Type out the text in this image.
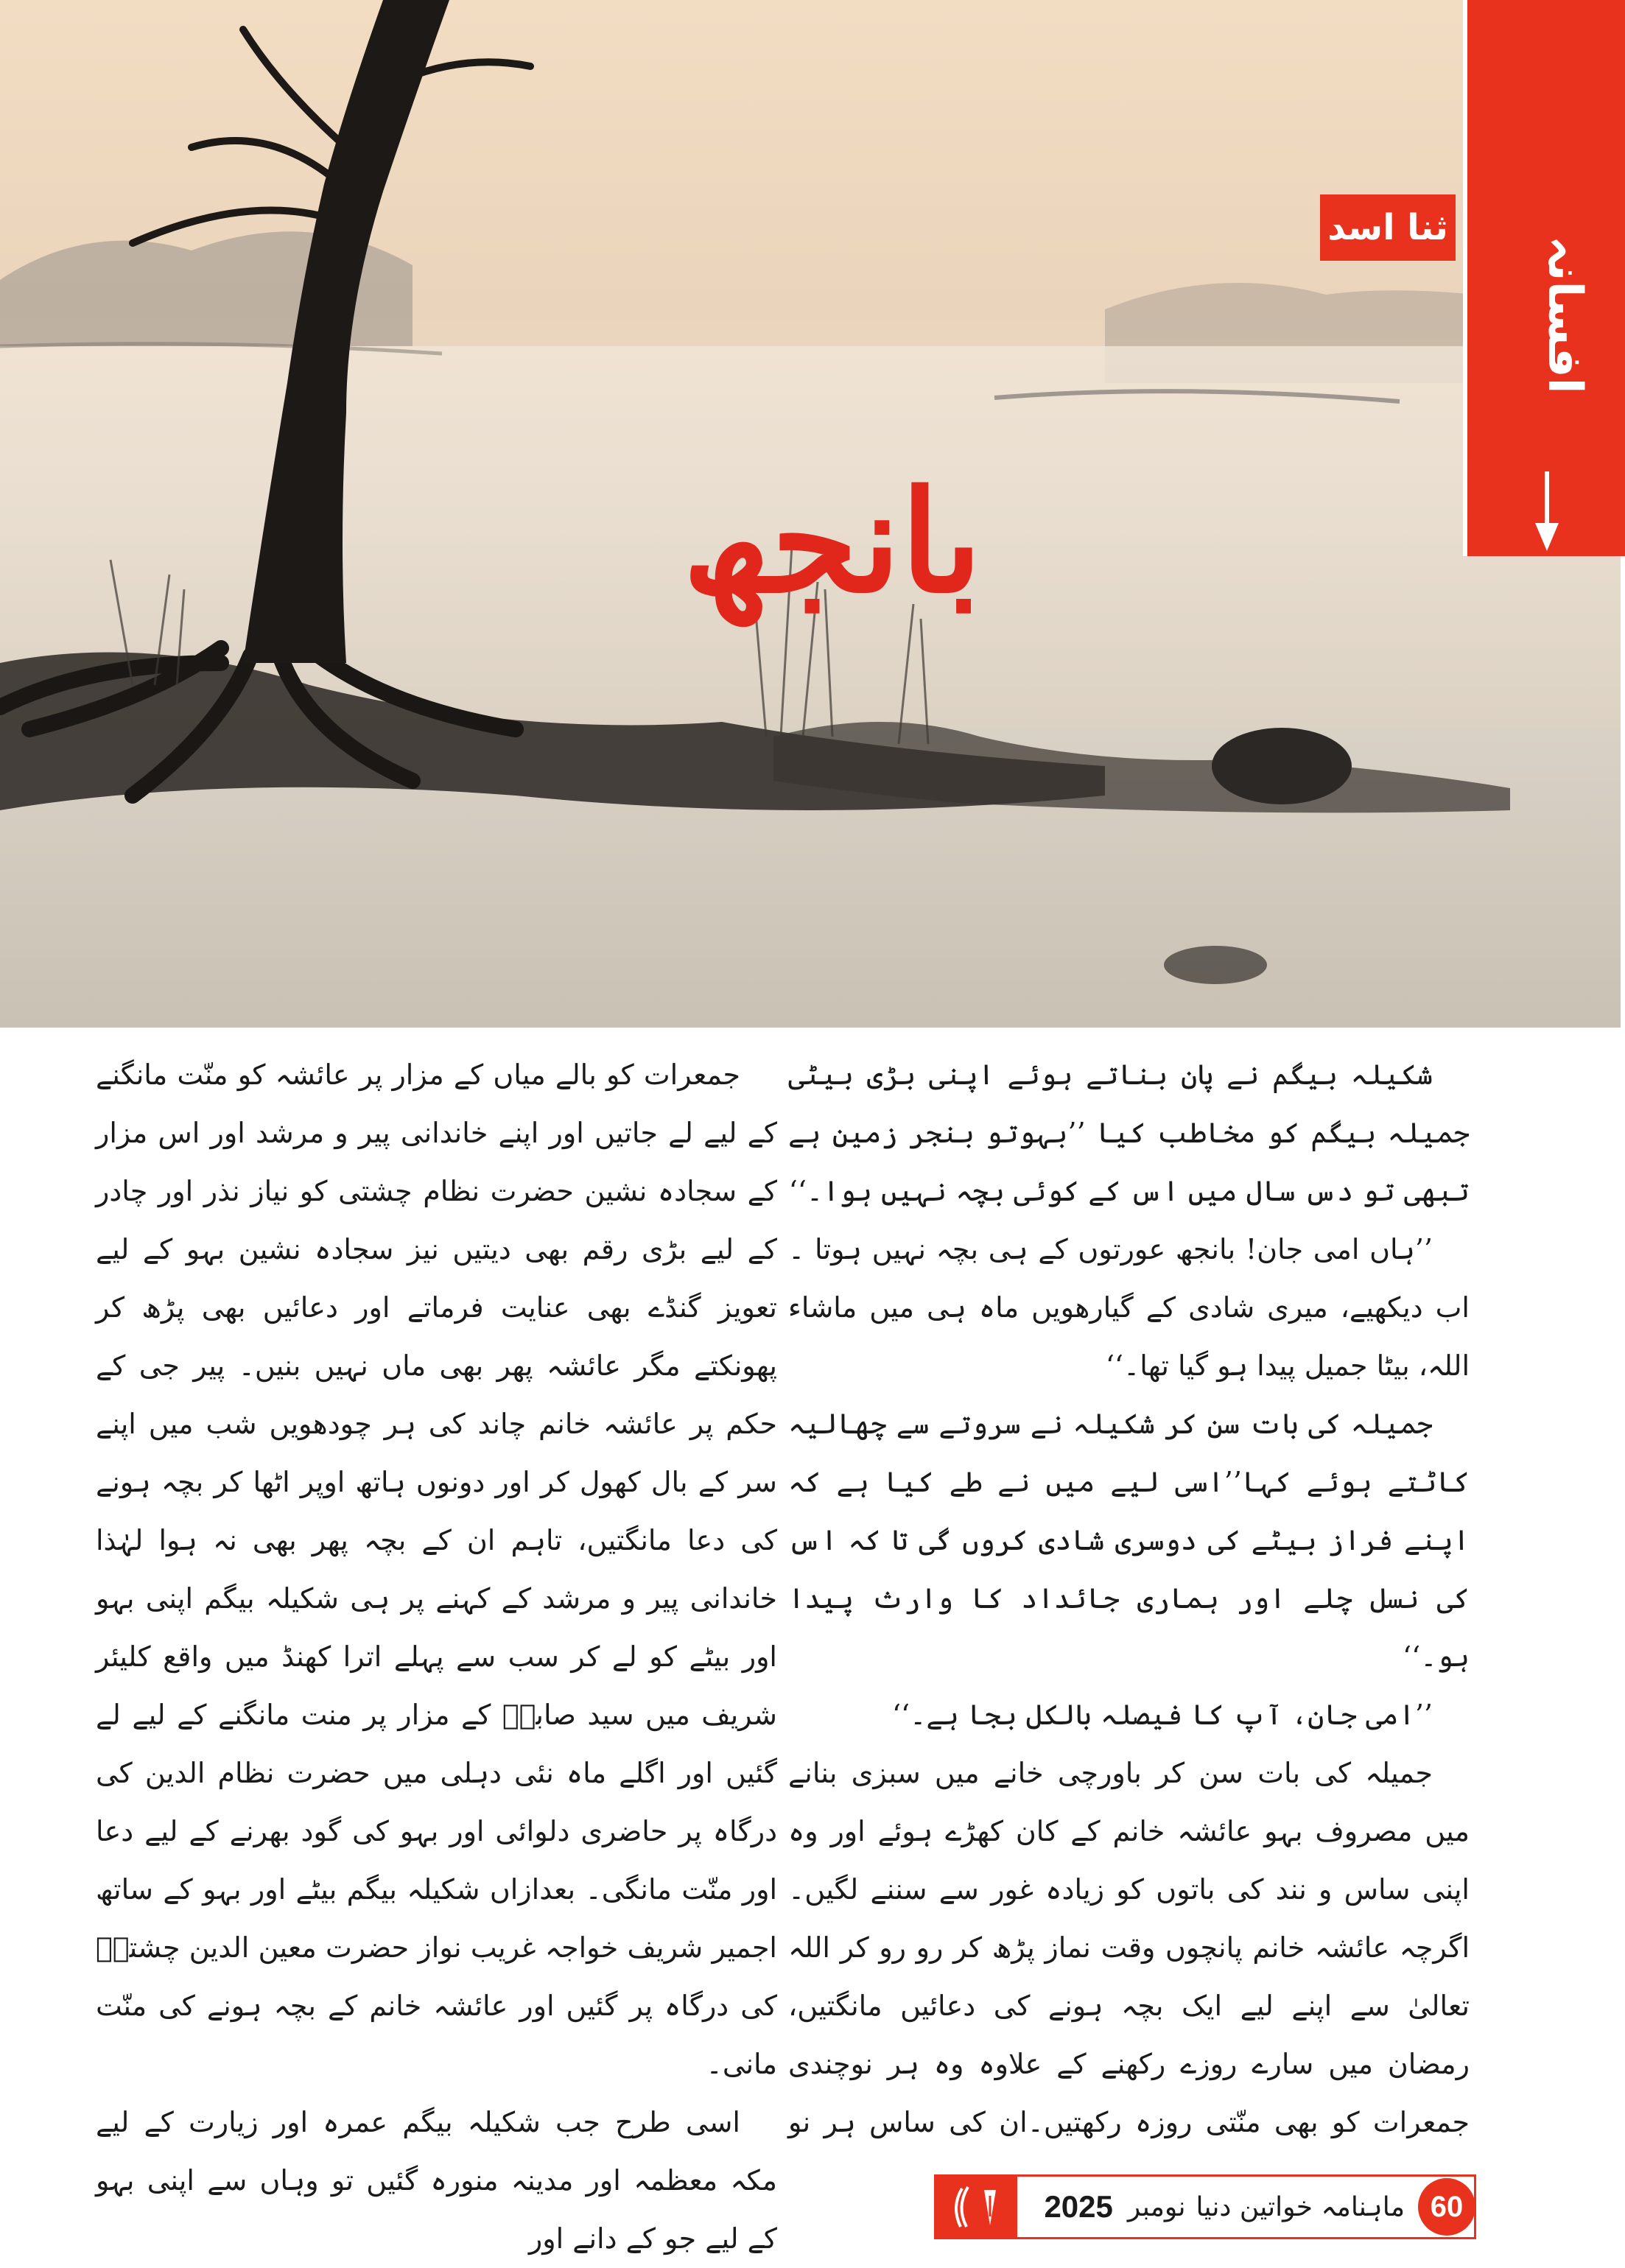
افسانہ
ثنا اسد
بانجھ

شکیلہ بیگم نے پان بناتے ہوئے اپنی بڑی بیٹی جمیلہ بیگم کو مخاطب کیا ’’بہوتو بنجر زمین ہے تبھی تو دس سال میں اس کے کوئی بچہ نہیں ہوا۔‘‘

’’ہاں امی جان! بانجھ عورتوں کے ہی بچہ نہیں ہوتا ۔اب دیکھیے، میری شادی کے گیارھویں ماہ ہی میں ماشاء اللہ، بیٹا جمیل پیدا ہو گیا تھا۔‘‘

جمیلہ کی بات سن کر شکیلہ نے سروتے سے چھالیہ کاٹتے ہوئے کہا’’اسی لیے میں نے طے کیا ہے کہ اپنے فراز بیٹے کی دوسری شادی کروں گی تا کہ اس کی نسل چلے اور ہماری جائداد کا وارث پیدا ہو۔‘‘

’’امی جان، آپ کا فیصلہ بالکل بجا ہے۔‘‘

جمیلہ کی بات سن کر باورچی خانے میں سبزی بنانے میں مصروف بہو عائشہ خانم کے کان کھڑے ہوئے اور وہ اپنی ساس و نند کی باتوں کو زیادہ غور سے سننے لگیں۔اگرچہ عائشہ خانم پانچوں وقت نماز پڑھ کر رو رو کر اللہ تعالیٰ سے اپنے لیے ایک بچہ ہونے کی دعائیں مانگتیں، رمضان میں سارے روزے رکھنے کے علاوہ وہ ہر نوچندی جمعرات کو بھی منّتی روزہ رکھتیں۔ان کی ساس ہر نو

جمعرات کو بالے میاں کے مزار پر عائشہ کو منّت مانگنے کے لیے لے جاتیں اور اپنے خاندانی پیر و مرشد اور اس مزار کے سجادہ نشین حضرت نظام چشتی کو نیاز نذر اور چادر کے لیے بڑی رقم بھی دیتیں نیز سجادہ نشین بہو کے لیے تعویز گنڈے بھی عنایت فرماتے اور دعائیں بھی پڑھ کر پھونکتے مگر عائشہ پھر بھی ماں نہیں بنیں۔ پیر جی کے حکم پر عائشہ خانم چاند کی ہر چودھویں شب میں اپنے سر کے بال کھول کر اور دونوں ہاتھ اوپر اٹھا کر بچہ ہونے کی دعا مانگتیں، تاہم ان کے بچہ پھر بھی نہ ہوا لہٰذا خاندانی پیر و مرشد کے کہنے پر ہی شکیلہ بیگم اپنی بہو اور بیٹے کو لے کر سب سے پہلے اترا کھنڈ میں واقع کلیئر شریف میں سید صابرؒ کے مزار پر منت مانگنے کے لیے لے گئیں اور اگلے ماہ نئی دہلی میں حضرت نظام الدین کی درگاہ پر حاضری دلوائی اور بہو کی گود بھرنے کے لیے دعا اور منّت مانگی۔ بعدازاں شکیلہ بیگم بیٹے اور بہو کے ساتھ اجمیر شریف خواجہ غریب نواز حضرت معین الدین چشتیؒ کی درگاہ پر گئیں اور عائشہ خانم کے بچہ ہونے کی منّت مانی۔

اسی طرح جب شکیلہ بیگم عمرہ اور زیارت کے لیے مکہ معظمہ اور مدینہ منورہ گئیں تو وہاں سے اپنی بہو کے لیے جو کے دانے اور

60
ماہنامہ خواتین دنیا
نومبر
2025
